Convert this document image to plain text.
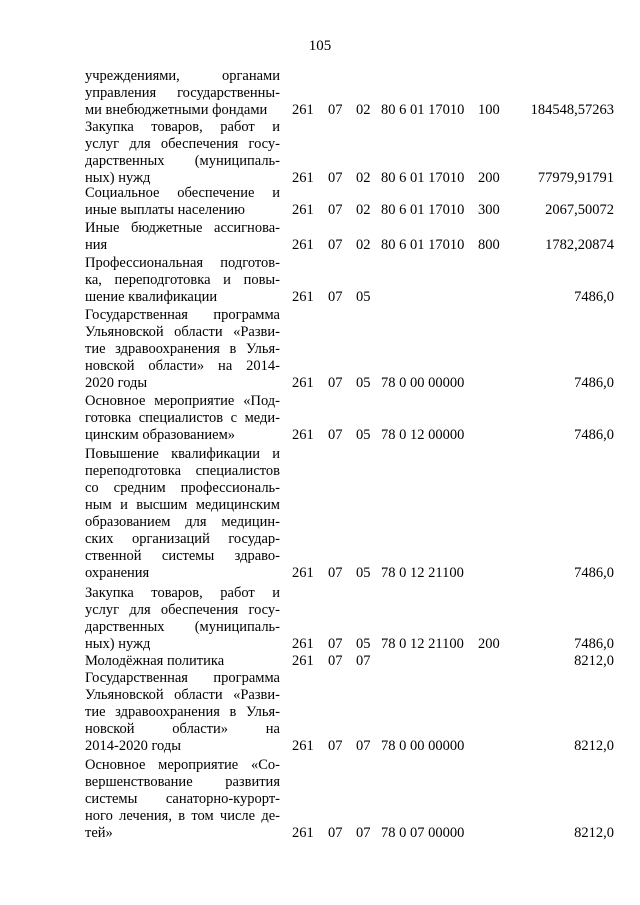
105
учреждениями, органами
управления государственны-
ми внебюджетными фондами	261 07 02 80 6 01 17010 100 184548,57263
Закупка товаров, работ и
услуг для обеспечения госу-
дарственных (муниципаль-
ных) нужд	261 07 02 80 6 01 17010 200	77979,91791
Социальное обеспечение и
иные выплаты населению	261 07 02 80 6 01 17010 300	2067,50072
Иные бюджетные ассигнова-
ния	261 07 02 80 6 01 17010 800	1782,20874
Профессиональная подготов-
ка, переподготовка и повы-
шение квалификации	261 07 05	7486,0
Государственная программа
Ульяновской области «Разви-
тие здравоохранения в Улья-
новской области» на 2014-
2020 годы	261 07 05 78 0 00 00000	7486,0
Основное мероприятие «Под-
готовка специалистов с меди-
цинским образованием»	261 07 05 78 0 12 00000	7486,0
Повышение квалификации и
переподготовка специалистов
со средним профессиональ-
ным и высшим медицинским
образованием для медицин-
ских организаций государ-
ственной системы здраво-
охранения	261 07 05 78 0 12 21100	7486,0
Закупка товаров, работ и
услуг для обеспечения госу-
дарственных (муниципаль-
ных) нужд	261 07 05 78 0 12 21100 200	7486,0
Молодёжная политика	261 07 07	8212,0
Государственная программа
Ульяновской области «Разви-
тие здравоохранения в Улья-
новской области» на
2014-2020 годы	261 07 07 78 0 00 00000	8212,0
Основное мероприятие «Со-
вершенствование развития
системы санаторно-курорт-
ного лечения, в том числе де-
тей»	261 07 07 78 0 07 00000	8212,0
